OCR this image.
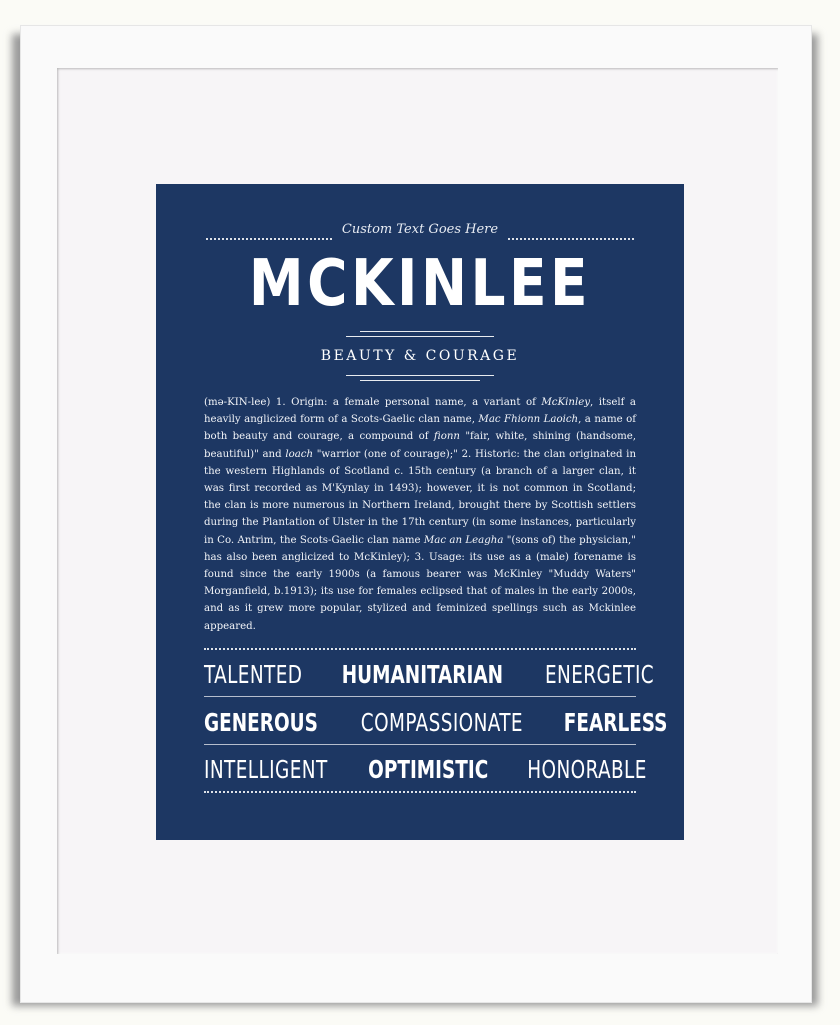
Custom Text Goes Here
MCKINLEE
BEAUTY & COURAGE
(mə-KIN-lee) 1. Origin: a female personal name, a variant of McKinley, itself a heavily anglicized form of a Scots-Gaelic clan name, Mac Fhionn Laoich, a name of both beauty and courage, a compound of fionn "fair, white, shining (handsome, beautiful)" and loach "warrior (one of courage);" 2. Historic: the clan originated in the western Highlands of Scotland c. 15th century (a branch of a larger clan, it was first recorded as M'Kynlay in 1493); however, it is not common in Scotland; the clan is more numerous in Northern Ireland, brought there by Scottish settlers during the Plantation of Ulster in the 17th century (in some instances, particularly in Co. Antrim, the Scots-Gaelic clan name Mac an Leagha "(sons of) the physician," has also been anglicized to McKinley); 3. Usage: its use as a (male) forename is found since the early 1900s (a famous bearer was McKinley "Muddy Waters" Morganfield, b.1913); its use for females eclipsed that of males in the early 2000s, and as it grew more popular, stylized and feminized spellings such as Mckinlee appeared.
TALENTED HUMANITARIAN ENERGETIC
GENEROUS COMPASSIONATE FEARLESS
INTELLIGENT OPTIMISTIC HONORABLE
